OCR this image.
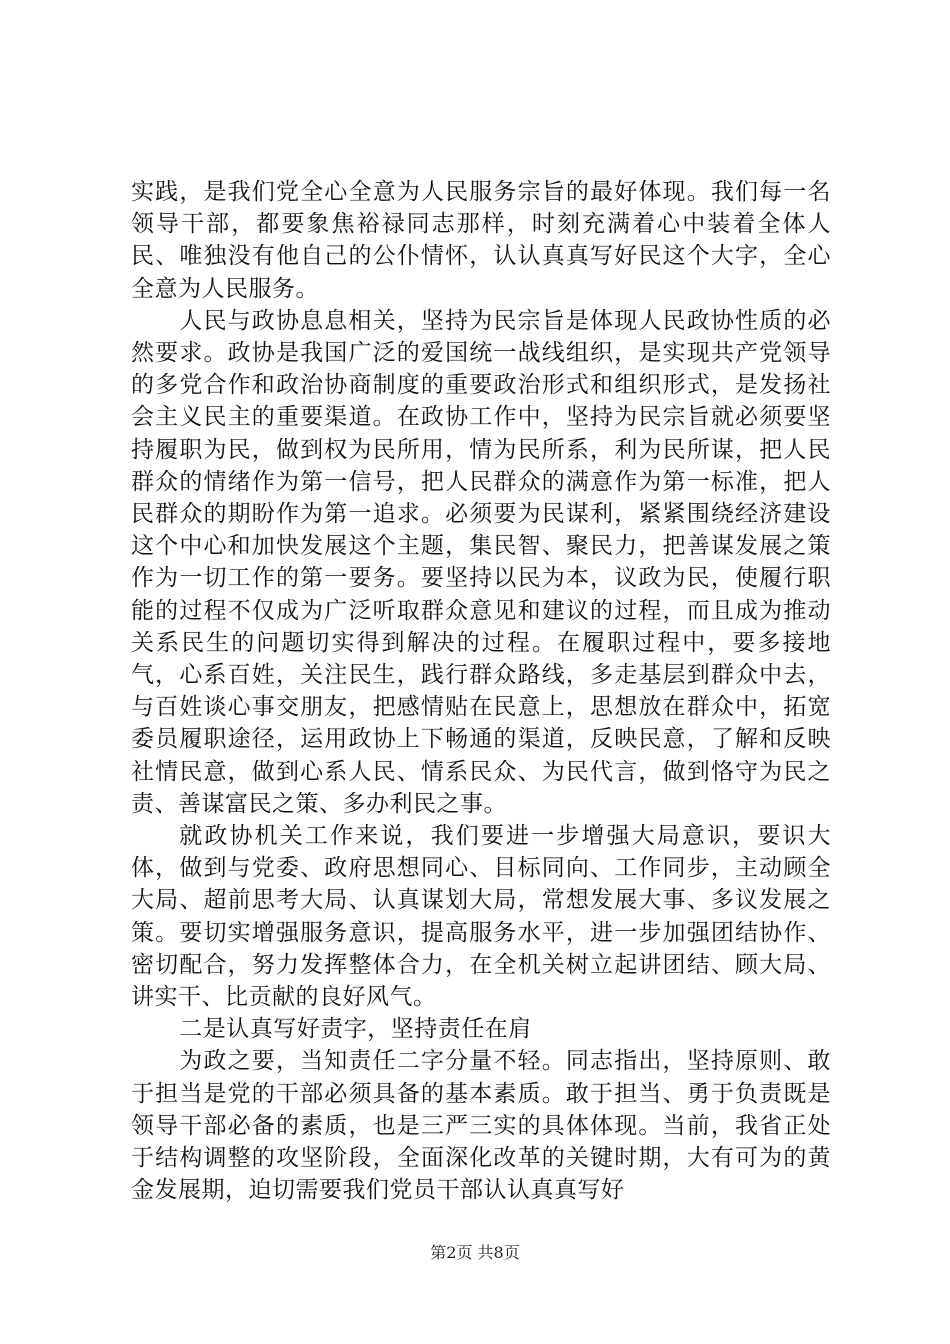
实践，是我们党全心全意为人民服务宗旨的最好体现。我们每一名领导干部，都要象焦裕禄同志那样，时刻充满着心中装着全体人民、唯独没有他自己的公仆情怀，认认真真写好民这个大字，全心全意为人民服务。

人民与政协息息相关，坚持为民宗旨是体现人民政协性质的必然要求。政协是我国广泛的爱国统一战线组织，是实现共产党领导的多党合作和政治协商制度的重要政治形式和组织形式，是发扬社会主义民主的重要渠道。在政协工作中，坚持为民宗旨就必须要坚持履职为民，做到权为民所用，情为民所系，利为民所谋，把人民群众的情绪作为第一信号，把人民群众的满意作为第一标准，把人民群众的期盼作为第一追求。必须要为民谋利，紧紧围绕经济建设这个中心和加快发展这个主题，集民智、聚民力，把善谋发展之策作为一切工作的第一要务。要坚持以民为本，议政为民，使履行职能的过程不仅成为广泛听取群众意见和建议的过程，而且成为推动关系民生的问题切实得到解决的过程。在履职过程中，要多接地气，心系百姓，关注民生，践行群众路线，多走基层到群众中去，与百姓谈心事交朋友，把感情贴在民意上，思想放在群众中，拓宽委员履职途径，运用政协上下畅通的渠道，反映民意，了解和反映社情民意，做到心系人民、情系民众、为民代言，做到恪守为民之责、善谋富民之策、多办利民之事。

就政协机关工作来说，我们要进一步增强大局意识，要识大体，做到与党委、政府思想同心、目标同向、工作同步，主动顾全大局、超前思考大局、认真谋划大局，常想发展大事、多议发展之策。要切实增强服务意识，提高服务水平，进一步加强团结协作、密切配合，努力发挥整体合力，在全机关树立起讲团结、顾大局、讲实干、比贡献的良好风气。

二是认真写好责字，坚持责任在肩

为政之要，当知责任二字分量不轻。同志指出，坚持原则、敢于担当是党的干部必须具备的基本素质。敢于担当、勇于负责既是领导干部必备的素质，也是三严三实的具体体现。当前，我省正处于结构调整的攻坚阶段，全面深化改革的关键时期，大有可为的黄金发展期，迫切需要我们党员干部认认真真写好

第2页 共8页
